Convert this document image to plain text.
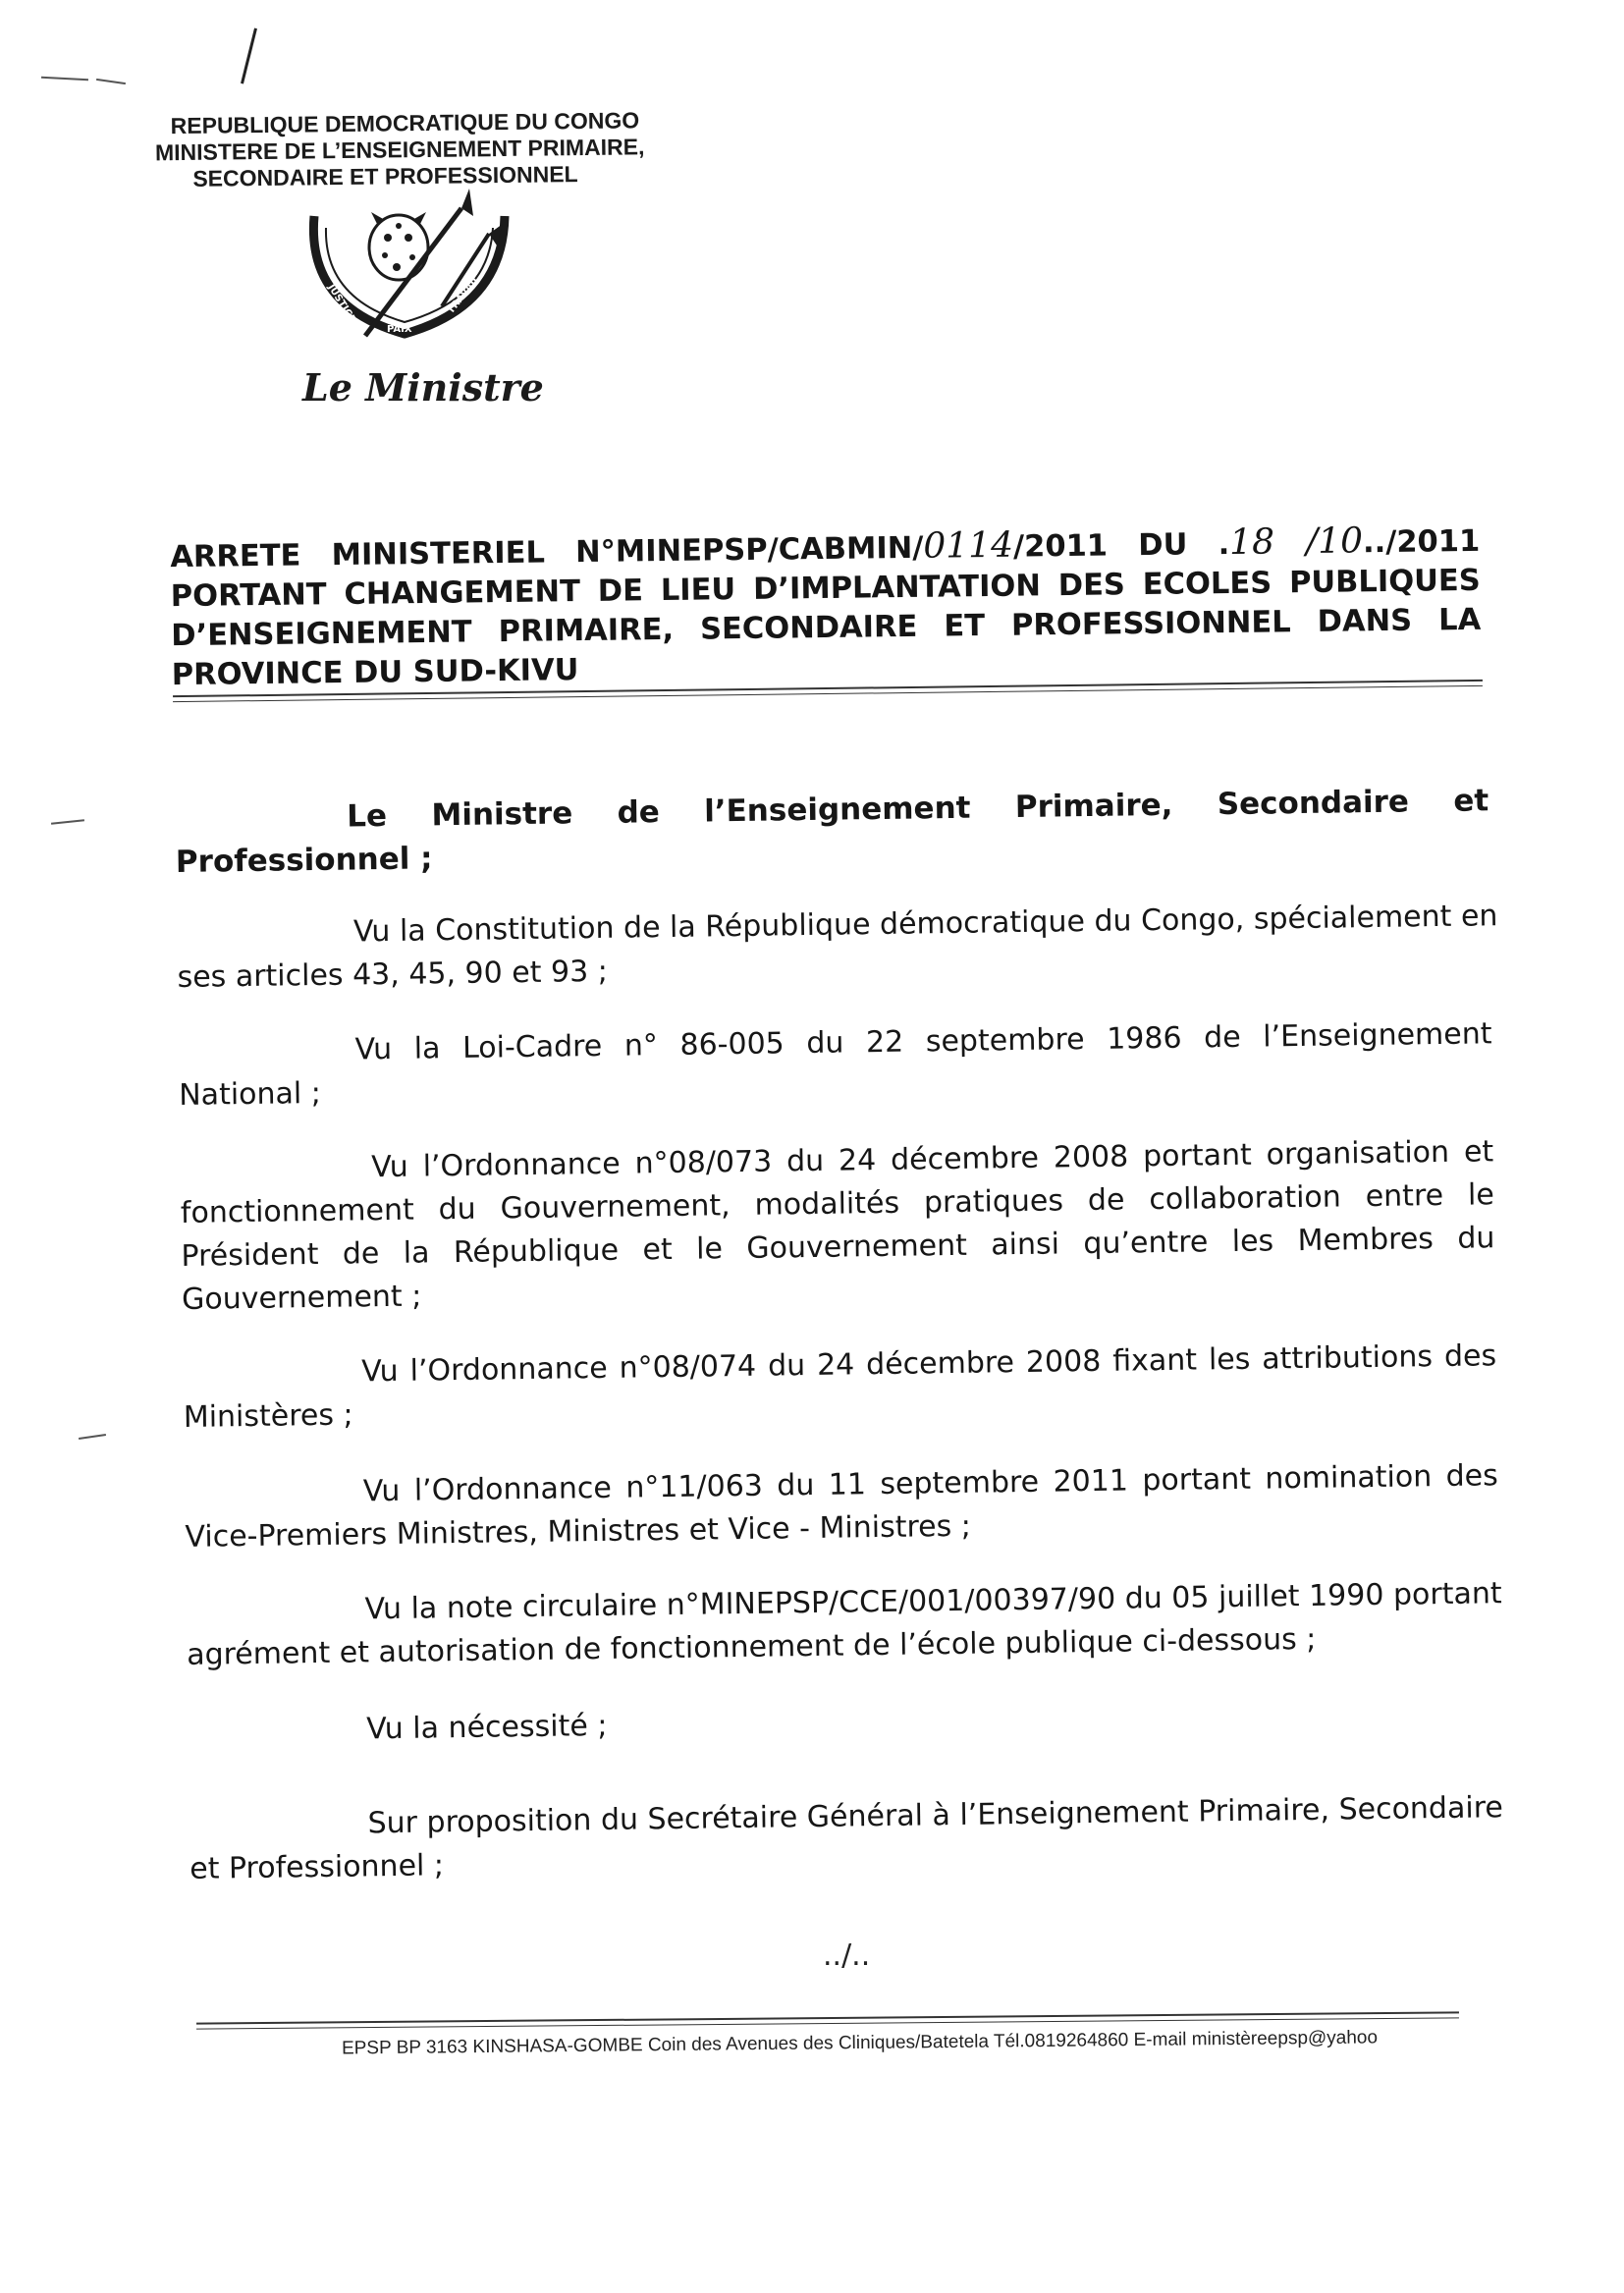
REPUBLIQUE DEMOCRATIQUE DU CONGO
MINISTERE DE L’ENSEIGNEMENT PRIMAIRE,
SECONDAIRE ET PROFESSIONNEL
JUSTICE
PAIX
TRAVAIL
Le Ministre
ARRETE MINISTERIEL N°MINEPSP/CABMIN/0114/2011 DU .18 /10../2011
PORTANT CHANGEMENT DE LIEU D’IMPLANTATION DES ECOLES PUBLIQUES
D’ENSEIGNEMENT PRIMAIRE, SECONDAIRE ET PROFESSIONNEL DANS LA
PROVINCE DU SUD-KIVU
Le Ministre de l’Enseignement Primaire, Secondaire et
Professionnel ;
Vu la Constitution de la République démocratique du Congo, spécialement en
ses articles 43, 45, 90 et 93 ;
Vu la Loi-Cadre n° 86-005 du 22 septembre 1986 de l’Enseignement
National ;
Vu l’Ordonnance n°08/073 du 24 décembre 2008 portant organisation et
fonctionnement du Gouvernement, modalités pratiques de collaboration entre le
Président de la République et le Gouvernement ainsi qu’entre les Membres du
Gouvernement ;
Vu l’Ordonnance n°08/074 du 24 décembre 2008 fixant les attributions des
Ministères ;
Vu l’Ordonnance n°11/063 du 11 septembre 2011 portant nomination des
Vice-Premiers Ministres, Ministres et Vice - Ministres ;
Vu la note circulaire n°MINEPSP/CCE/001/00397/90 du 05 juillet 1990 portant
agrément et autorisation de fonctionnement de l’école publique ci-dessous ;
Vu la nécessité ;
Sur proposition du Secrétaire Général à l’Enseignement Primaire, Secondaire
et Professionnel ;
../..
EPSP BP 3163 KINSHASA-GOMBE Coin des Avenues des Cliniques/Batetela Tél.0819264860 E-mail ministèreepsp@yahoo
